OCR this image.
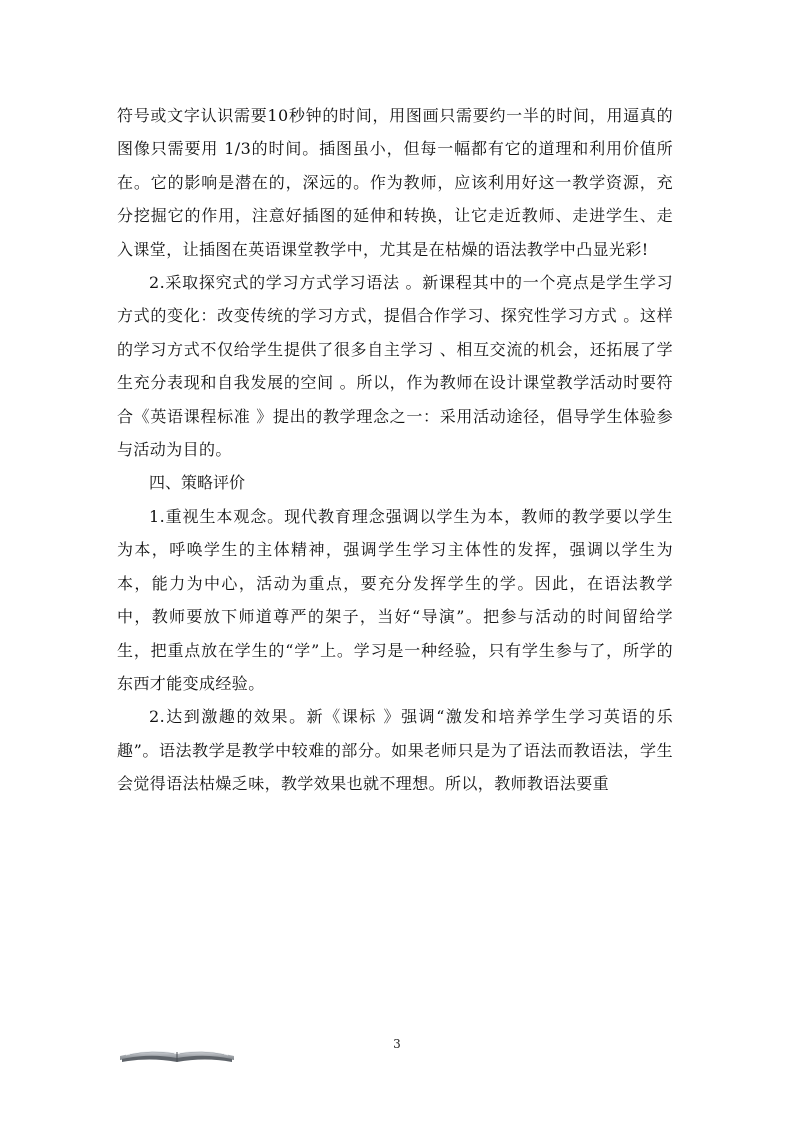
符号或文字认识需要10秒钟的时间，用图画只需要约一半的时间，用逼真的图像只需要用 1/3的时间。插图虽小，但每一幅都有它的道理和利用价值所在。它的影响是潜在的，深远的。作为教师，应该利用好这一教学资源，充分挖掘它的作用，注意好插图的延伸和转换，让它走近教师、走进学生、走入课堂，让插图在英语课堂教学中，尤其是在枯燥的语法教学中凸显光彩!

2.采取探究式的学习方式学习语法 。新课程其中的一个亮点是学生学习方式的变化：改变传统的学习方式，提倡合作学习、探究性学习方式 。这样的学习方式不仅给学生提供了很多自主学习 、相互交流的机会，还拓展了学生充分表现和自我发展的空间 。所以，作为教师在设计课堂教学活动时要符合《英语课程标准 》提出的教学理念之一：采用活动途径，倡导学生体验参与活动为目的。

四、策略评价

1.重视生本观念。现代教育理念强调以学生为本，教师的教学要以学生为本，呼唤学生的主体精神，强调学生学习主体性的发挥，强调以学生为本，能力为中心，活动为重点，要充分发挥学生的学。因此，在语法教学中，教师要放下师道尊严的架子，当好“导演”。把参与活动的时间留给学生，把重点放在学生的“学”上。学习是一种经验，只有学生参与了，所学的东西才能变成经验。

2.达到激趣的效果。新《课标 》强调“激发和培养学生学习英语的乐趣”。语法教学是教学中较难的部分。如果老师只是为了语法而教语法，学生会觉得语法枯燥乏味，教学效果也就不理想。所以，教师教语法要重

3
